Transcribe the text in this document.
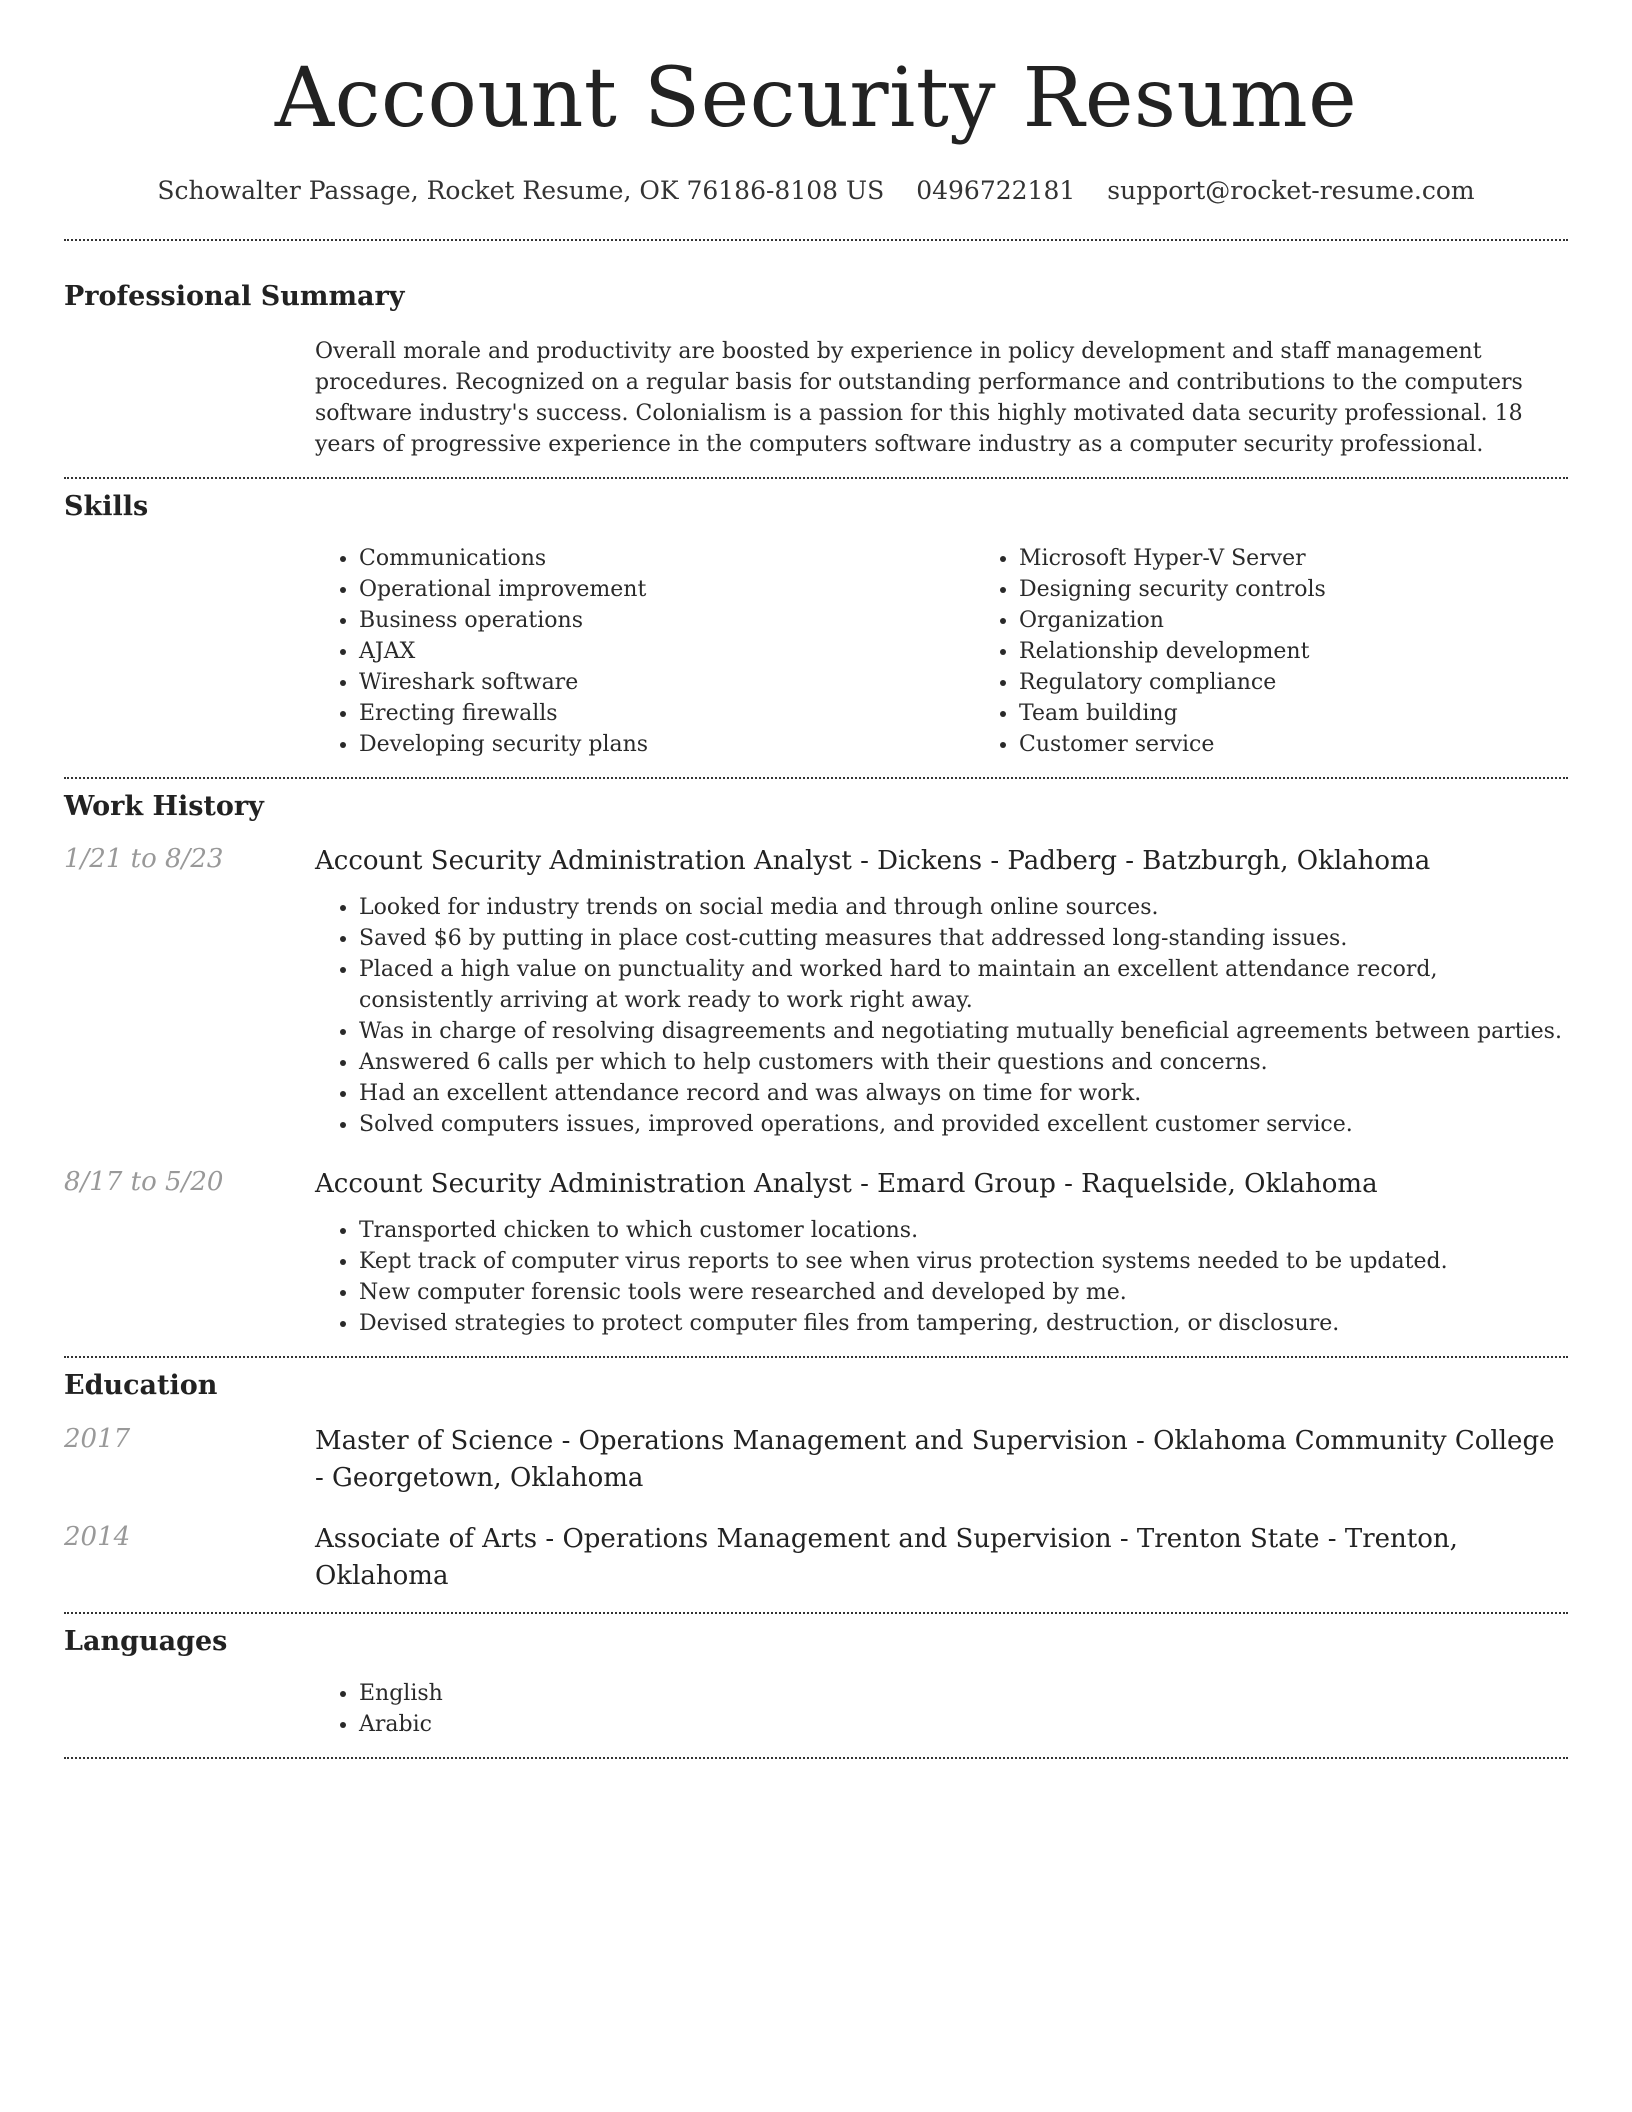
Account Security Resume
Schowalter Passage, Rocket Resume, OK 76186-8108 US 0496722181 support@rocket-resume.com
Professional Summary
Overall morale and productivity are boosted by experience in policy development and staff management procedures. Recognized on a regular basis for outstanding performance and contributions to the computers software industry's success. Colonialism is a passion for this highly motivated data security professional. 18 years of progressive experience in the computers software industry as a computer security professional.
Skills
• Communications
• Operational improvement
• Business operations
• AJAX
• Wireshark software
• Erecting firewalls
• Developing security plans
• Microsoft Hyper-V Server
• Designing security controls
• Organization
• Relationship development
• Regulatory compliance
• Team building
• Customer service
Work History
1/21 to 8/23	Account Security Administration Analyst - Dickens - Padberg - Batzburgh, Oklahoma
• Looked for industry trends on social media and through online sources.
• Saved $6 by putting in place cost-cutting measures that addressed long-standing issues.
• Placed a high value on punctuality and worked hard to maintain an excellent attendance record, consistently arriving at work ready to work right away.
• Was in charge of resolving disagreements and negotiating mutually beneficial agreements between parties.
• Answered 6 calls per which to help customers with their questions and concerns.
• Had an excellent attendance record and was always on time for work.
• Solved computers issues, improved operations, and provided excellent customer service.
8/17 to 5/20	Account Security Administration Analyst - Emard Group - Raquelside, Oklahoma
• Transported chicken to which customer locations.
• Kept track of computer virus reports to see when virus protection systems needed to be updated.
• New computer forensic tools were researched and developed by me.
• Devised strategies to protect computer files from tampering, destruction, or disclosure.
Education
2017	Master of Science - Operations Management and Supervision - Oklahoma Community College - Georgetown, Oklahoma
2014	Associate of Arts - Operations Management and Supervision - Trenton State - Trenton, Oklahoma
Languages
• English
• Arabic
